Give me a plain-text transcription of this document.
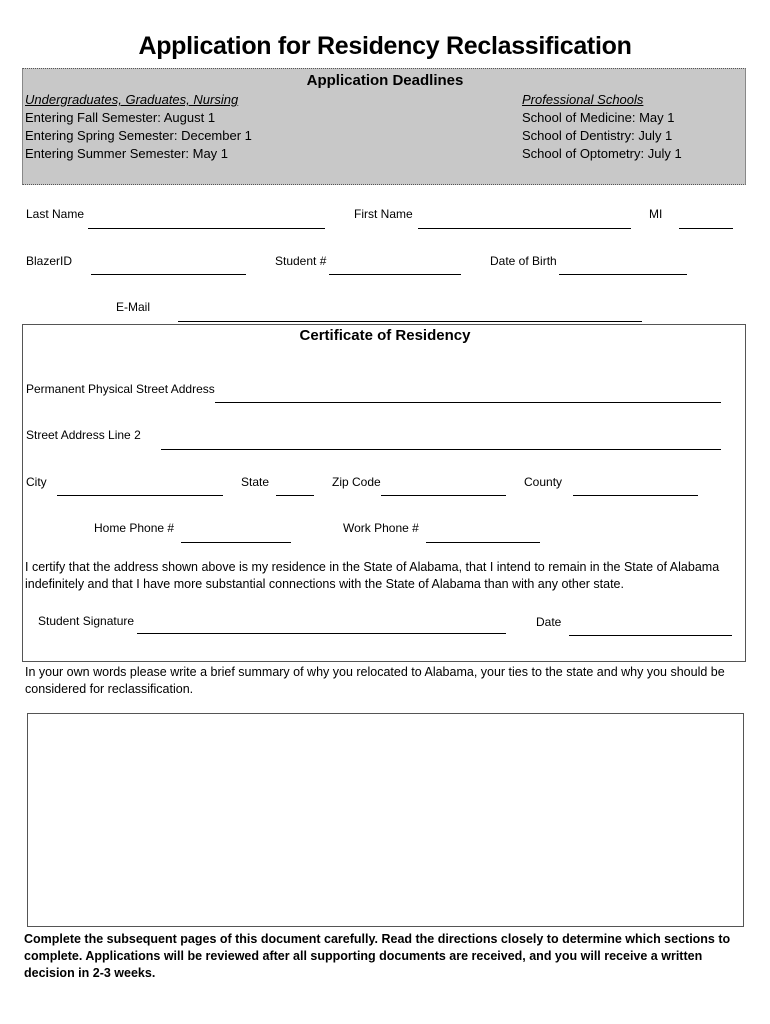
Application for Residency Reclassification
Application Deadlines
Undergraduates, Graduates, Nursing
Entering Fall Semester: August 1
Entering Spring Semester: December 1
Entering Summer Semester: May 1
Professional Schools
School of Medicine: May 1
School of Dentistry: July 1
School of Optometry: July 1
Last Name	First Name	MI
BlazerID	Student #	Date of Birth
E-Mail
Certificate of Residency
Permanent Physical Street Address
Street Address Line 2
City	State	Zip Code	County
Home Phone #	Work Phone #
I certify that the address shown above is my residence in the State of Alabama, that I intend to remain in the State of Alabama indefinitely and that I have more substantial connections with the State of Alabama than with any other state.
Student Signature	Date
In your own words please write a brief summary of why you relocated to Alabama, your ties to the state and why you should be considered for reclassification.
Complete the subsequent pages of this document carefully. Read the directions closely to determine which sections to complete. Applications will be reviewed after all supporting documents are received, and you will receive a written decision in 2-3 weeks.
